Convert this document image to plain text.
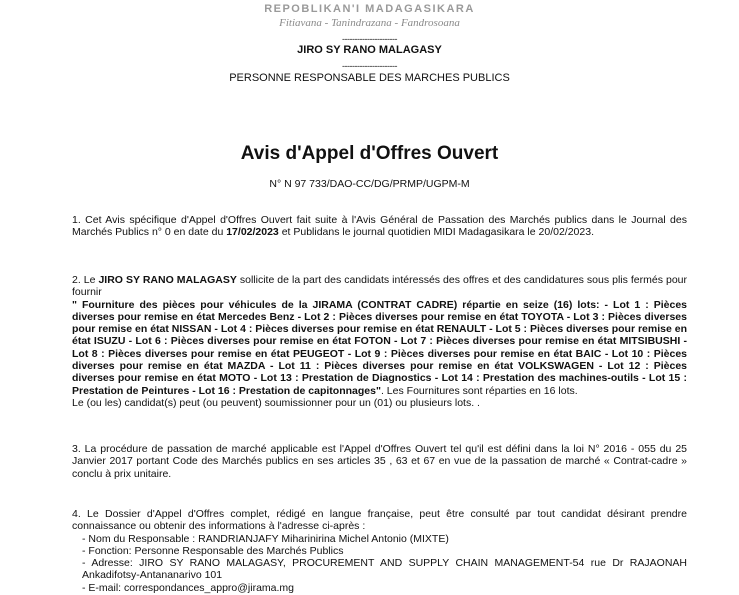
REPOBLIKAN'I MADAGASIKARA
Fitiavana - Tanindrazana - Fandrosoana
----------------------
JIRO SY RANO MALAGASY
----------------------
PERSONNE RESPONSABLE DES MARCHES PUBLICS
Avis d'Appel d'Offres Ouvert
N° N 97 733/DAO-CC/DG/PRMP/UGPM-M
1. Cet Avis spécifique d'Appel d'Offres Ouvert fait suite à l'Avis Général de Passation des Marchés publics dans le Journal des Marchés Publics n° 0 en date du 17/02/2023 et Publidans le journal quotidien MIDI Madagasikara le 20/02/2023.
2. Le JIRO SY RANO MALAGASY sollicite de la part des candidats intéressés des offres et des candidatures sous plis fermés pour fournir
" Fourniture des pièces pour véhicules de la JIRAMA (CONTRAT CADRE) répartie en seize (16) lots: - Lot 1 : Pièces diverses pour remise en état Mercedes Benz - Lot 2 : Pièces diverses pour remise en état TOYOTA - Lot 3 : Pièces diverses pour remise en état NISSAN - Lot 4 : Pièces diverses pour remise en état RENAULT - Lot 5 : Pièces diverses pour remise en état ISUZU - Lot 6 : Pièces diverses pour remise en état FOTON - Lot 7 : Pièces diverses pour remise en état MITSIBUSHI - Lot 8 : Pièces diverses pour remise en état PEUGEOT - Lot 9 : Pièces diverses pour remise en état BAIC - Lot 10 : Pièces diverses pour remise en état MAZDA - Lot 11 : Pièces diverses pour remise en état VOLKSWAGEN - Lot 12 : Pièces diverses pour remise en état MOTO - Lot 13 : Prestation de Diagnostics - Lot 14 : Prestation des machines-outils - Lot 15 : Prestation de Peintures - Lot 16 : Prestation de capitonnages". Les Fournitures sont réparties en 16 lots.
Le (ou les) candidat(s) peut (ou peuvent) soumissionner pour un (01) ou plusieurs lots. .
3. La procédure de passation de marché applicable est l'Appel d'Offres Ouvert tel qu'il est défini dans la loi N° 2016 - 055 du 25 Janvier 2017 portant Code des Marchés publics en ses articles 35 , 63 et 67 en vue de la passation de marché « Contrat-cadre » conclu à prix unitaire.
4. Le Dossier d'Appel d'Offres complet, rédigé en langue française, peut être consulté par tout candidat désirant prendre connaissance ou obtenir des informations à l'adresse ci-après :
- Nom du Responsable : RANDRIANJAFY Miharinirina Michel Antonio (MIXTE)
- Fonction: Personne Responsable des Marchés Publics
- Adresse: JIRO SY RANO MALAGASY, PROCUREMENT AND SUPPLY CHAIN MANAGEMENT-54 rue Dr RAJAONAH Ankadifotsy-Antananarivo 101
- E-mail: correspondances_appro@jirama.mg
